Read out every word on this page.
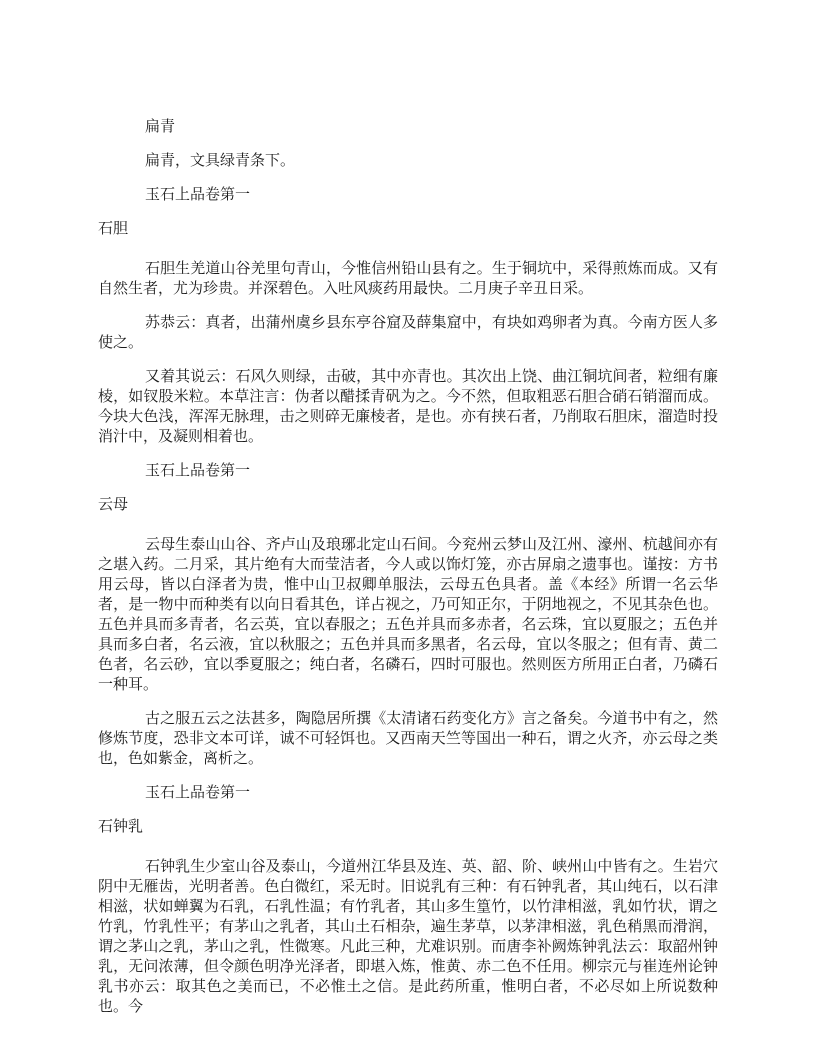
扁青
扁青，文具绿青条下。
玉石上品卷第一
石胆
石胆生羌道山谷羌里句青山，今惟信州铅山县有之。生于铜坑中，采得煎炼而成。又有自然生者，尤为珍贵。并深碧色。入吐风痰药用最快。二月庚子辛丑日采。
苏恭云：真者，出蒲州虞乡县东亭谷窟及薛集窟中，有块如鸡卵者为真。今南方医人多使之。
又着其说云：石风久则绿，击破，其中亦青也。其次出上饶、曲江铜坑间者，粒细有廉棱，如钗股米粒。本草注言：伪者以醋揉青矾为之。今不然，但取粗恶石胆合硝石销溜而成。今块大色浅，浑浑无脉理，击之则碎无廉棱者，是也。亦有挟石者，乃削取石胆床，溜造时投消汁中，及凝则相着也。
玉石上品卷第一
云母
云母生泰山山谷、齐卢山及琅琊北定山石间。今兖州云梦山及江州、濠州、杭越间亦有之堪入药。二月采，其片绝有大而莹洁者，今人或以饰灯笼，亦古屏扇之遗事也。谨按：方书用云母，皆以白泽者为贵，惟中山卫叔卿单服法，云母五色具者。盖《本经》所谓一名云华者，是一物中而种类有以向日看其色，详占视之，乃可知正尔，于阴地视之，不见其杂色也。五色并具而多青者，名云英，宜以春服之；五色并具而多赤者，名云珠，宜以夏服之；五色并具而多白者，名云液，宜以秋服之；五色并具而多黑者，名云母，宜以冬服之；但有青、黄二色者，名云砂，宜以季夏服之；纯白者，名磷石，四时可服也。然则医方所用正白者，乃磷石一种耳。
古之服五云之法甚多，陶隐居所撰《太清诸石药变化方》言之备矣。今道书中有之，然修炼节度，恐非文本可详，诚不可轻饵也。又西南天竺等国出一种石，谓之火齐，亦云母之类也，色如紫金，离析之。
玉石上品卷第一
石钟乳
石钟乳生少室山谷及泰山，今道州江华县及连、英、韶、阶、峡州山中皆有之。生岩穴阴中无雁齿，光明者善。色白微红，采无时。旧说乳有三种：有石钟乳者，其山纯石，以石津相滋，状如蝉翼为石乳，石乳性温；有竹乳者，其山多生篁竹，以竹津相滋，乳如竹状，谓之竹乳，竹乳性平；有茅山之乳者，其山土石相杂，遍生茅草，以茅津相滋，乳色稍黑而滑润，谓之茅山之乳，茅山之乳，性微寒。凡此三种，尤难识别。而唐李补阙炼钟乳法云：取韶州钟乳，无问浓薄，但令颜色明净光泽者，即堪入炼，惟黄、赤二色不任用。柳宗元与崔连州论钟乳书亦云：取其色之美而已，不必惟土之信。是此药所重，惟明白者，不必尽如上所说数种也。今
